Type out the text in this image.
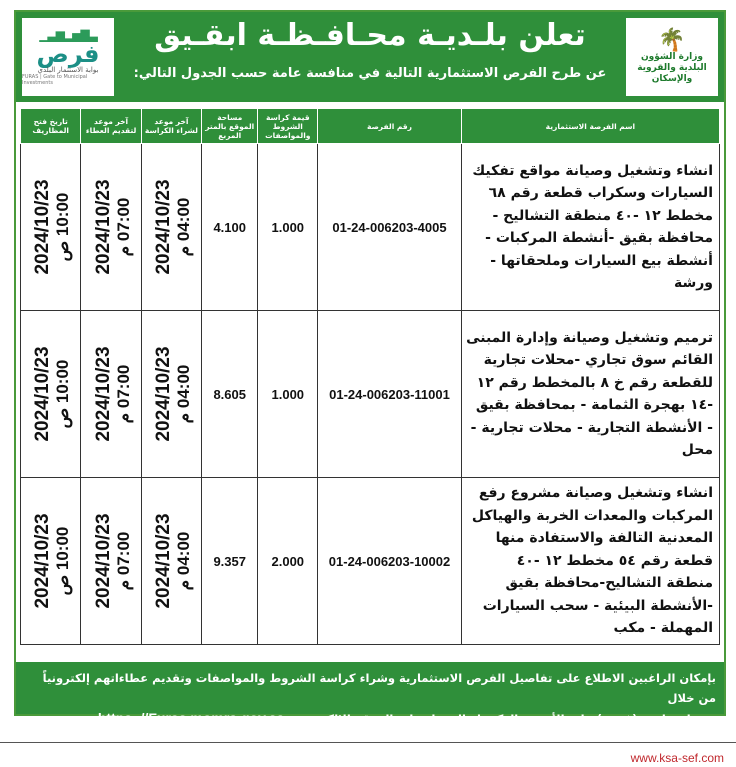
🌴
وزارة الشؤون البلدية والقروية والإسكان
تعلن بلـديـة محـافـظـة ابقـيق
عن طرح الفرص الاستثمارية التالية في منافسة عامة حسب الجدول التالي:
▁▃▆▂▅▇▃
فرص
بوابة الاستثمار البلدي
FURAS | Gate to Municipal Investments
اسم الفرصة الاستثمارية	رقم الفرصة	قيمة كراسة الشروط والمواصفات	مساحة الموقع بالمتر المربع	آخر موعد لشراء الكراسة	آخر موعد لتقديم العطاء	تاريخ فتح المظاريف
انشاء وتشغيل وصيانة مواقع تفكيك السيارات وسكراب قطعة رقم ٦٨ مخطط ١٢ -٤٠ منطقة التشاليح - محافظة بقيق -أنشطة المركبات - أنشطة بيع السيارات وملحقاتها - ورشة	01-24-006203-4005	1.000	4.100	2024/10/23 04:00 م	2024/10/23 07:00 م	2024/10/23 10:00 ص

ترميم وتشغيل وصيانة وإدارة المبنى القائم سوق تجاري -محلات تجارية للقطعة رقم خ ٨ بالمخطط رقم ١٢ -١٤ بهجرة الثمامة - بمحافظة بقيق - الأنشطة التجارية - محلات تجارية - محل	01-24-006203-11001	1.000	8.605	2024/10/23 04:00 م	2024/10/23 07:00 م	2024/10/23 10:00 ص

انشاء وتشغيل وصيانة مشروع رفع المركبات والمعدات الخربة والهياكل المعدنية التالفة والاستفادة منها قطعة رقم ٥٤ مخطط ١٢ -٤٠ منطقة التشاليح-محافظة بقيق -الأنشطة البيئية - سحب السيارات المهملة - مكب	01-24-006203-10002	2.000	9.357	2024/10/23 04:00 م	2024/10/23 07:00 م	2024/10/23 10:00 ص
بإمكان الراغبين الاطلاع على تفاصيل الفرص الاستثمارية وشراء كراسة الشروط والمواصفات وتقديم عطاءاتهم إلكترونياً من خلال
تحميل تطبيق (فرص) على الأجهزة الذكية او الدخول على الموقع الالكتروني  https: //Furas.momra.gov.sa
www.ksa-sef.com
